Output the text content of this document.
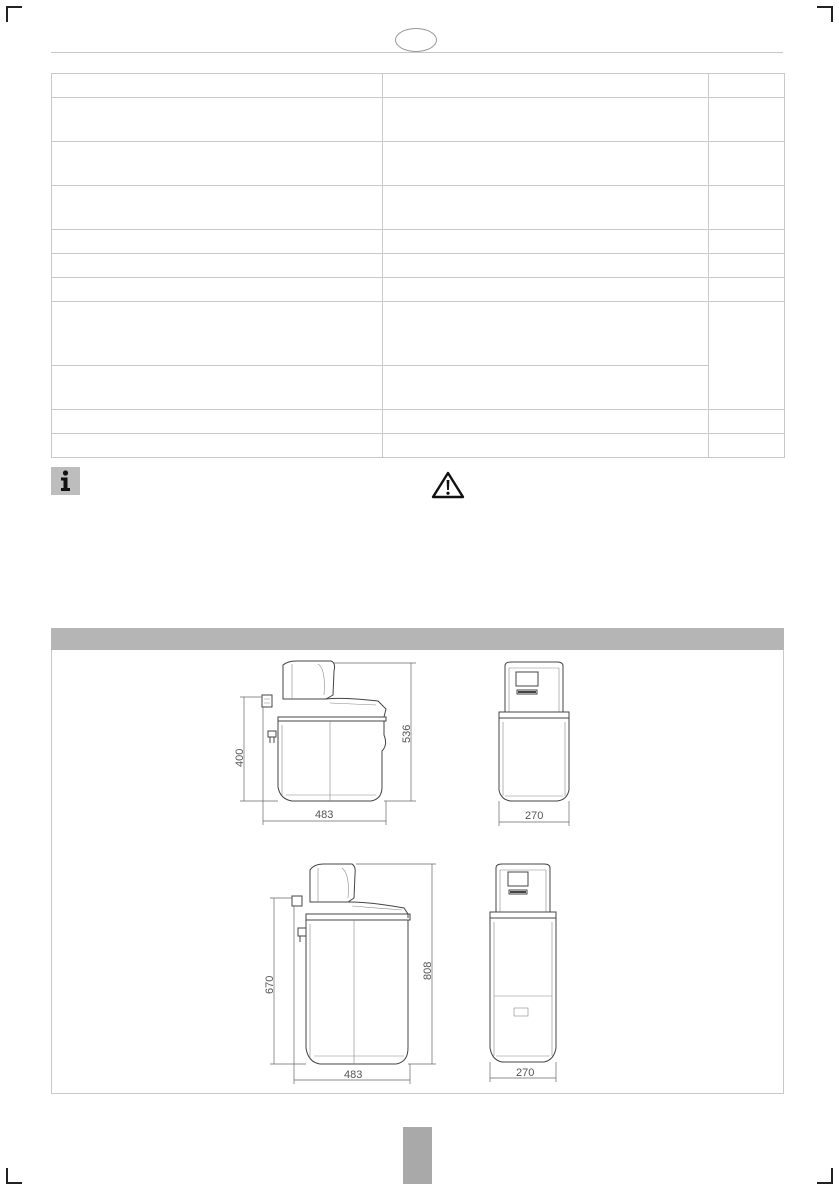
400
536
483	270
670
808
483	270
